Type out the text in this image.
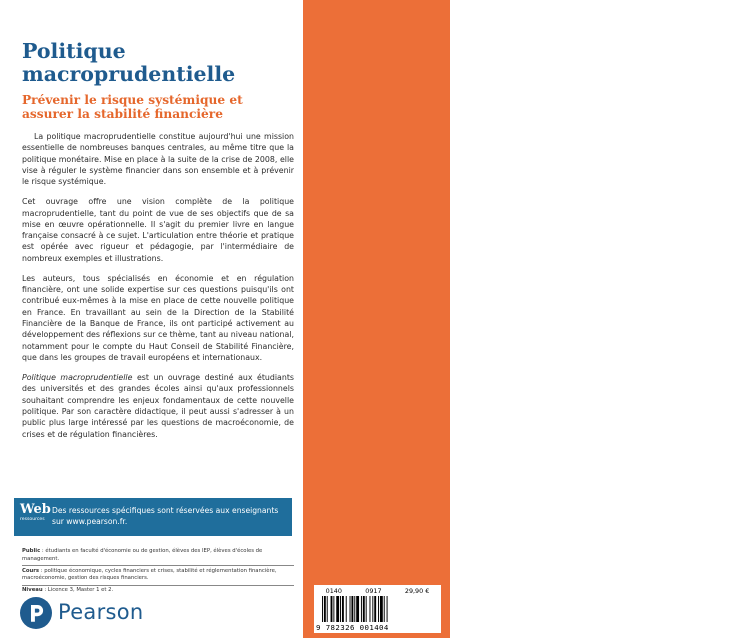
Politique macroprudentielle
Prévenir le risque systémique et assurer la stabilité financière

La politique macroprudentielle constitue aujourd'hui une mission essentielle de nombreuses banques centrales, au même titre que la politique monétaire. Mise en place à la suite de la crise de 2008, elle vise à réguler le système financier dans son ensemble et à prévenir le risque systémique.

Cet ouvrage offre une vision complète de la politique macroprudentielle, tant du point de vue de ses objectifs que de sa mise en œuvre opérationnelle. Il s'agit du premier livre en langue française consacré à ce sujet. L'articulation entre théorie et pratique est opérée avec rigueur et pédagogie, par l'intermédiaire de nombreux exemples et illustrations.

Les auteurs, tous spécialisés en économie et en régulation financière, ont une solide expertise sur ces questions puisqu'ils ont contribué eux-mêmes à la mise en place de cette nouvelle politique en France. En travaillant au sein de la Direction de la Stabilité Financière de la Banque de France, ils ont participé activement au développement des réflexions sur ce thème, tant au niveau national, notamment pour le compte du Haut Conseil de Stabilité Financière, que dans les groupes de travail européens et internationaux.

Politique macroprudentielle est un ouvrage destiné aux étudiants des universités et des grandes écoles ainsi qu'aux professionnels souhaitant comprendre les enjeux fondamentaux de cette nouvelle politique. Par son caractère didactique, il peut aussi s'adresser à un public plus large intéressé par les questions de macroéconomie, de crises et de régulation financières.

Web
ressources
Des ressources spécifiques sont réservées aux enseignants sur www.pearson.fr.

Public : étudiants en faculté d'économie ou de gestion, élèves des IEP, élèves d'écoles de management.

Cours : politique économique, cycles financiers et crises, stabilité et réglementation financière, macroéconomie, gestion des risques financiers.

Niveau : Licence 3, Master 1 et 2.

Pearson

Taryk Bennani dirige le service consacré à la politique macroprudentielle à la Banque de France. Spécialiste des questions de stabilité financière, telles que l'identification des risques systémiques et la mise en œuvre de la politique macroprudentielle, il intervient sur ces sujets dans des groupes de travail européens et internationaux. Ingénieur de formation, Taryk Bennani est également diplômé de l'ESSEC et de l'université de Stanford.

Laurent Clerc est directeur de la stabilité financière à la Banque de France et professeur associé à l'université de Paris-Dauphine. Il a publié de nombreux articles sur la politique monétaire, la stabilité financière et les politiques macroprudentielles. Il est ancien élève de l'École normale supérieure de Cachan, agrégé de sciences sociales et diplômé de l'EHESS et de l'ENSAE ainsi que de la London School of Economics.

Virginie Coudert est conseiller scientifique à la Banque de France. Elle est également professeur associé à l'université de Paris-Ouest-Nanterre et chercheur associé au Centre d'études et d'informations internationales. Spécialisée dans les domaines monétaires et financiers, elle est Docteur en économie de l'université Paris 1-Panthéon-Sorbonne.

Marine Dujardin est conseillère technique au cabinet du gouverneur de la Banque de France. Précédemment économiste au sein du service consacré à la politique macroprudentielle, elle a à ce titre participé à plusieurs groupes de travail du Comité de Bâle et du Comité européen du risque systémique. Elle est ancienne élève de l'École normale supérieure de Cachan et diplômée de Sciences Po Paris.

Julien Idier codirige le service dédié à la politique macroprudentielle à la Banque de France. Il travaille sur des sujets clés de stabilité financière, tels que l'identification des risques systémiques et la mise en œuvre de la politique macroprudentielle, et intervient dans des groupes de travail européens et internationaux. Il est Docteur en économie de l'université Paris 1-Panthéon-Sorbonne.

www.pearson.fr
ISBN : 978-2-3260-0140-4
0140	0917	29,90 €
9 782326 001404
